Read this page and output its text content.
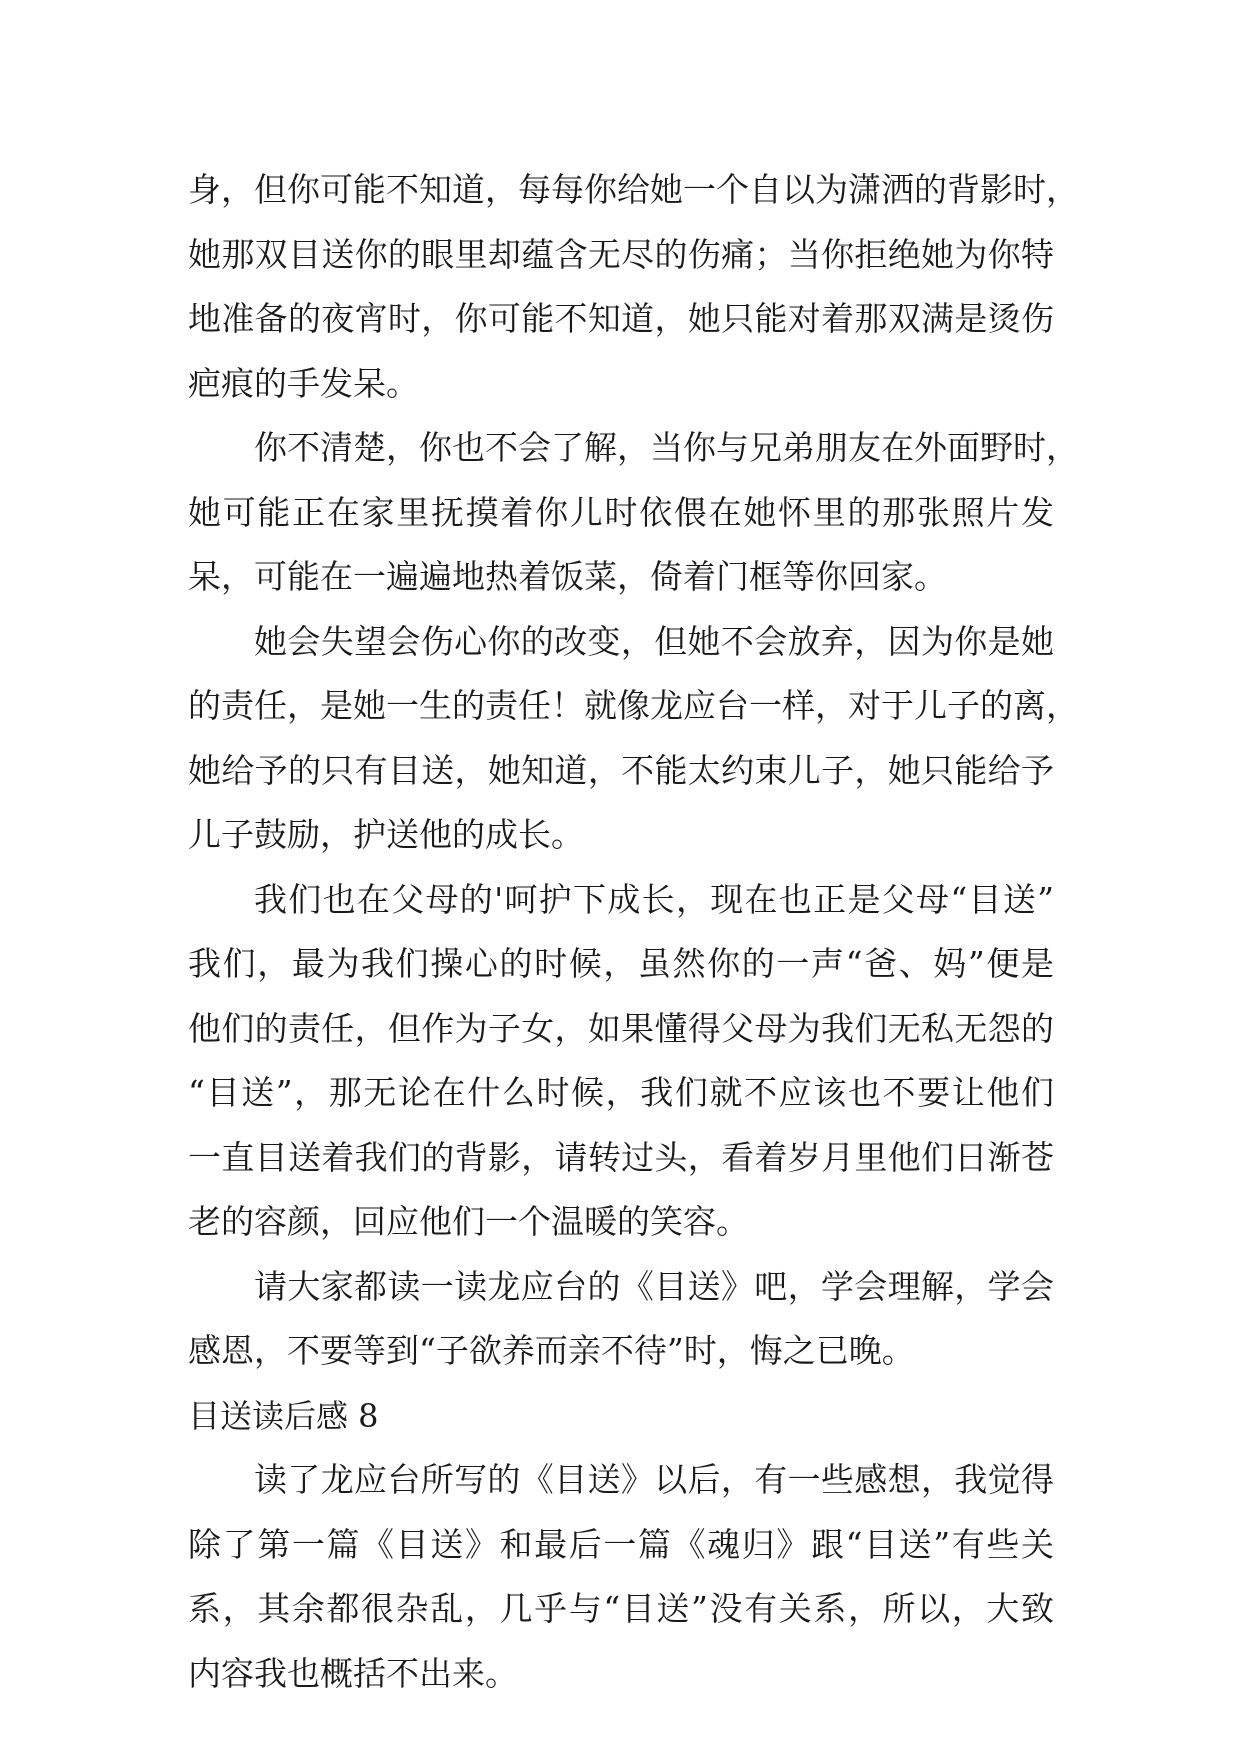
身，但你可能不知道，每每你给她一个自以为潇洒的背影时，
她那双目送你的眼里却蕴含无尽的伤痛；当你拒绝她为你特
地准备的夜宵时，你可能不知道，她只能对着那双满是烫伤
疤痕的手发呆。
你不清楚，你也不会了解，当你与兄弟朋友在外面野时，
她可能正在家里抚摸着你儿时依偎在她怀里的那张照片发
呆，可能在一遍遍地热着饭菜，倚着门框等你回家。
她会失望会伤心你的改变，但她不会放弃，因为你是她
的责任，是她一生的责任！就像龙应台一样，对于儿子的离，
她给予的只有目送，她知道，不能太约束儿子，她只能给予
儿子鼓励，护送他的成长。
我们也在父母的'呵护下成长，现在也正是父母“目送”
我们，最为我们操心的时候，虽然你的一声“爸、妈”便是
他们的责任，但作为子女，如果懂得父母为我们无私无怨的
“目送”，那无论在什么时候，我们就不应该也不要让他们
一直目送着我们的背影，请转过头，看着岁月里他们日渐苍
老的容颜，回应他们一个温暖的笑容。
请大家都读一读龙应台的《目送》吧，学会理解，学会
感恩，不要等到“子欲养而亲不待”时，悔之已晚。
目送读后感 8
读了龙应台所写的《目送》以后，有一些感想，我觉得
除了第一篇《目送》和最后一篇《魂归》跟“目送”有些关
系，其余都很杂乱，几乎与“目送”没有关系，所以，大致
内容我也概括不出来。
